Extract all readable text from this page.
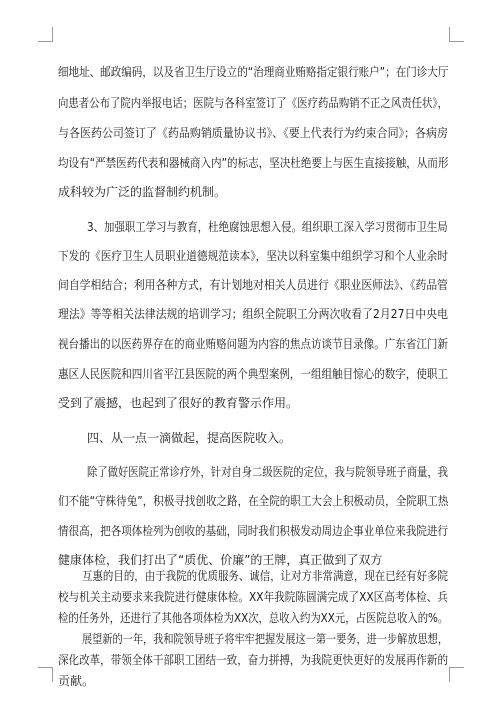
细地址、邮政编码，以及省卫生厅设立的“治理商业贿赂指定银行账户”；在门诊大厅
向患者公布了院内举报电话；医院与各科室签订了《医疗药品购销不正之风责任状》，
与各医药公司签订了《药品购销质量协议书》、《要上代表行为约束合同》；各病房
均设有“严禁医药代表和器械商入内”的标志，坚决杜绝要上与医生直接接触，从而形
成科较为广泛的监督制约机制。
3、加强职工学习与教育，杜绝腐蚀思想入侵。组织职工深入学习贯彻市卫生局
下发的《医疗卫生人员职业道德规范读本》，坚决以科室集中组织学习和个人业余时
间自学相结合；利用各种方式，有计划地对相关人员进行《职业医师法》、《药品管
理法》等等相关法律法规的培训学习；组织全院职工分两次收看了2月27日中央电
视台播出的以医药界存在的商业贿赂问题为内容的焦点访谈节目录像。广东省江门新
惠区人民医院和四川省平江县医院的两个典型案例，一组组触目惊心的数字，使职工
受到了震撼，也起到了很好的教育警示作用。
四、从一点一滴做起，提高医院收入。
除了做好医院正常诊疗外，针对自身二级医院的定位，我与院领导班子商量，我
们不能“守株待兔”，积极寻找创收之路，在全院的职工大会上积极动员，全院职工热
情很高，把各项体检列为创收的基础，同时我们积极发动周边企事业单位来我院进行
健康体检，我们打出了“质优、价廉”的王牌，真正做到了双方
互惠的目的，由于我院的优质服务、诚信，让对方非常满意，现在已经有好多院
校与机关主动要求来我院进行健康体检。XX年我院陈圆满完成了XX区高考体检、兵
检的任务外，还进行了其他各项体检为XX次，总收入约为XX元，占医院总收入的%。
展望新的一年，我和院领导班子将牢牢把握发展这一第一要务，进一步解放思想，
深化改革，带领全体干部职工团结一致，奋力拼搏，为我院更快更好的发展再作新的
贡献。
